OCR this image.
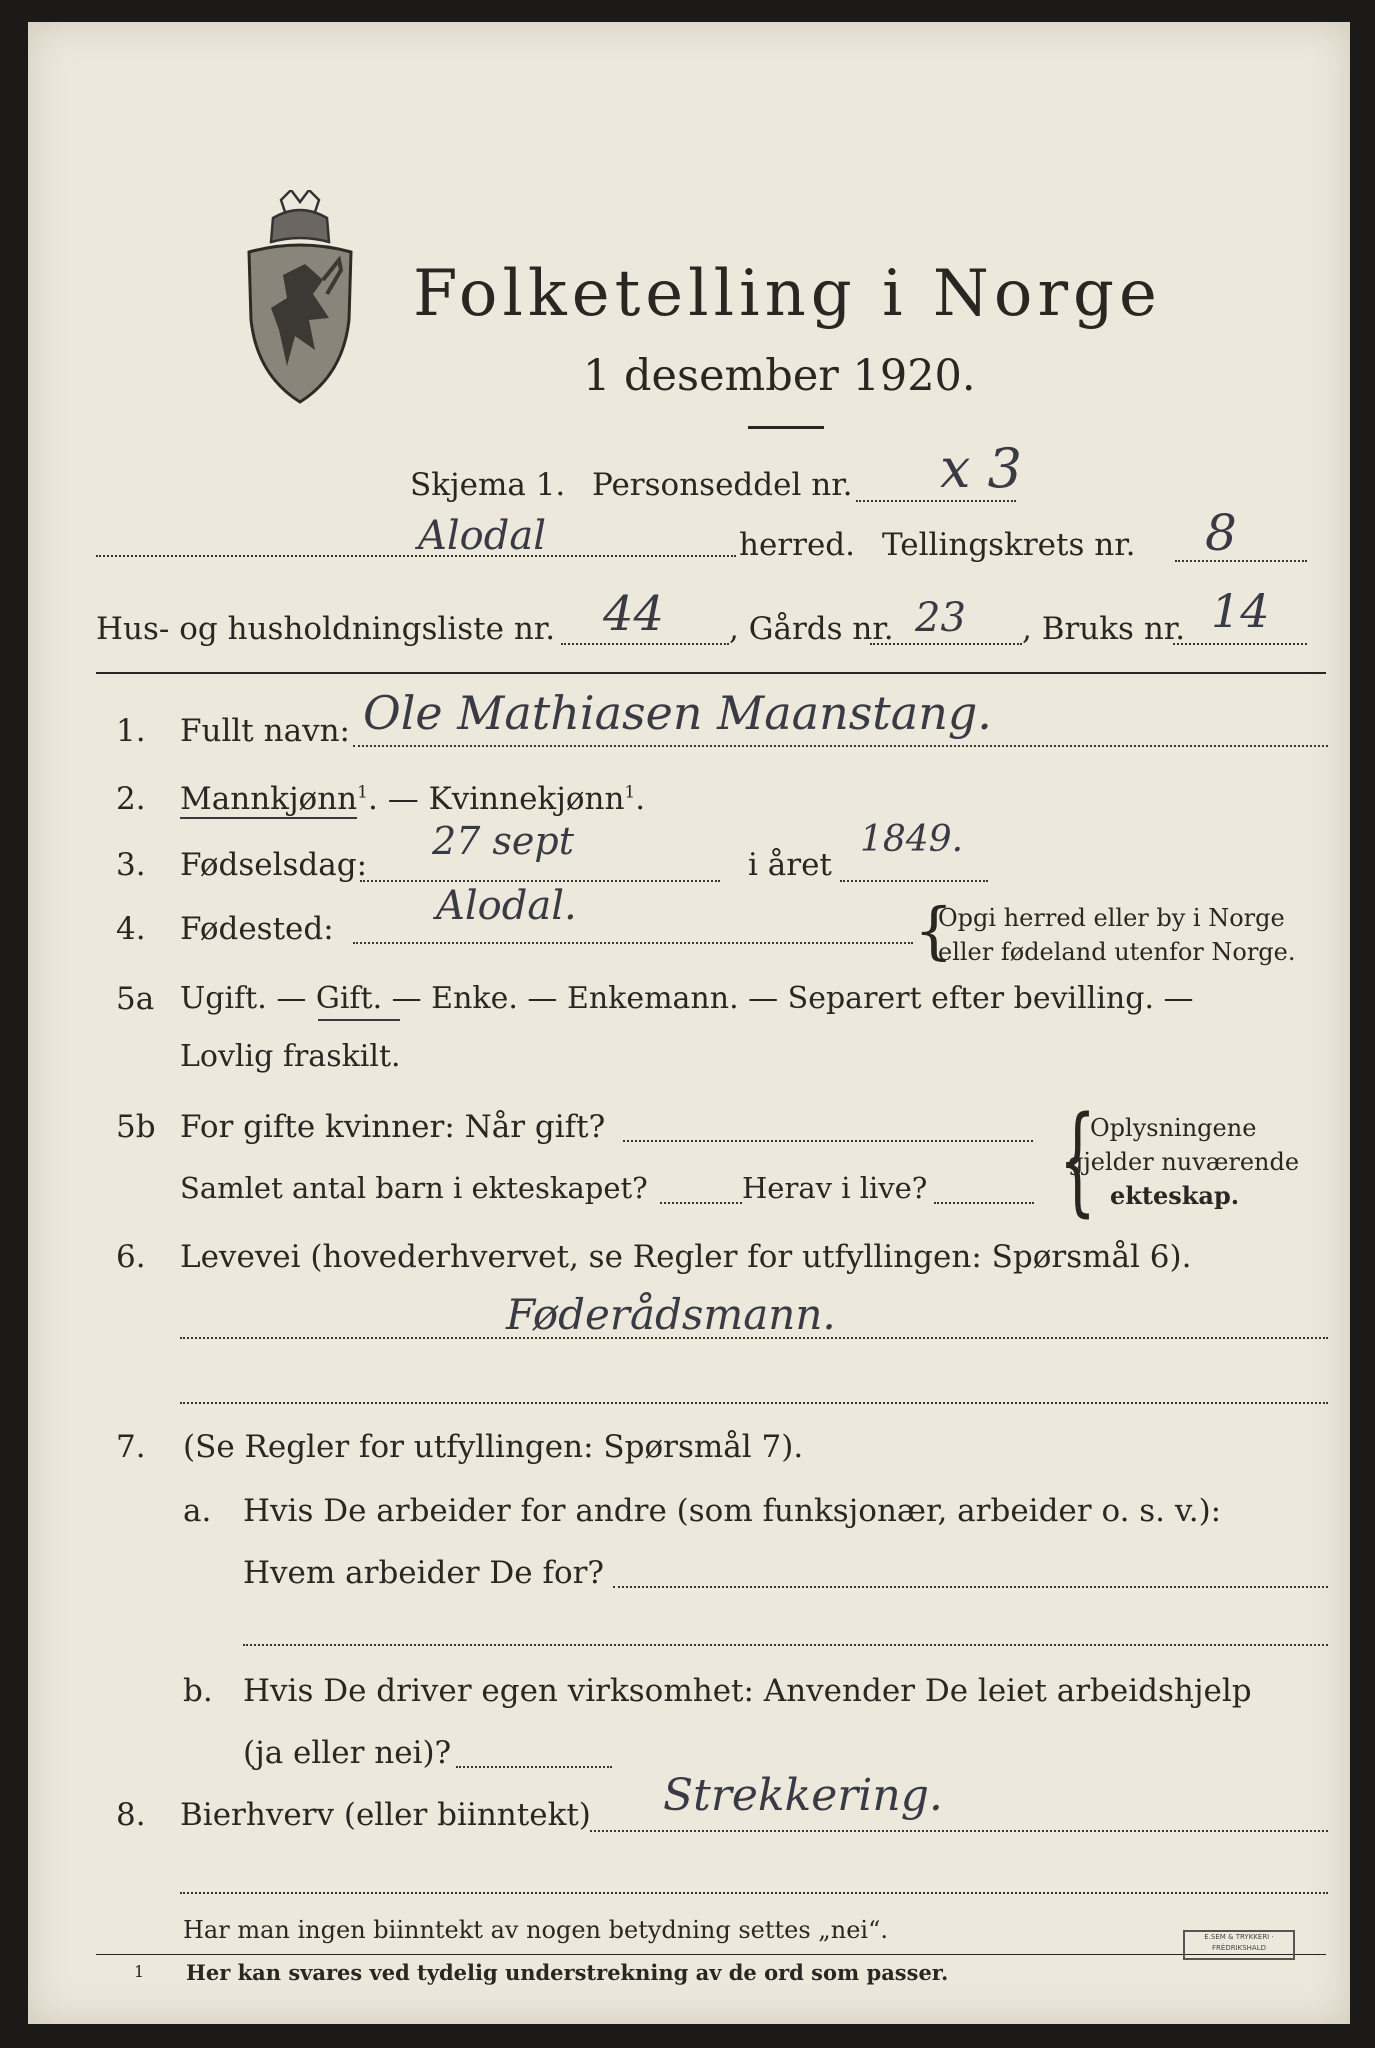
Folketelling i Norge
1 desember 1920.
Skjema 1. Personseddel nr. x 3
Alodal	herred. Tellingskrets nr. 8
Hus- og husholdningsliste nr. 44 , Gårds nr. 23 , Bruks nr. 14
1. Fullt navn: Ole Mathiasen Maanstang.
2. Mannkjønn$^1$. — Kvinnekjønn$^1$.
3. Fødselsdag:
27 sept
i året
1849.
4. Fødested:	Alodal.	{
Opgi herred eller by i Norge
eller fødeland utenfor Norge.
5a Ugift. — Gift. — Enke. — Enkemann. — Separert efter bevilling. —
Lovlig fraskilt.
5b For gifte kvinner: Når gift?
Samlet antal barn i ekteskapet?	Herav i live? {
Oplysningene
gjelder nuværende
ekteskap.
6. Levevei (hovederhvervet, se Regler for utfyllingen: Spørsmål 6).
Føderådsmann.
7. (Se Regler for utfyllingen: Spørsmål 7).
a. Hvis De arbeider for andre (som funksjonær, arbeider o. s. v.):
Hvem arbeider De for?
b. Hvis De driver egen virksomhet: Anvender De leiet arbeidshjelp
(ja eller nei)?
8. Bierhverv (eller biinntekt) Strekkering.
Har man ingen biinntekt av nogen betydning settes „nei“.
1 Her kan svares ved tydelig understrekning av de ord som passer.
E.SEM & TRYKKERI · FRÉDRIKSHALD
